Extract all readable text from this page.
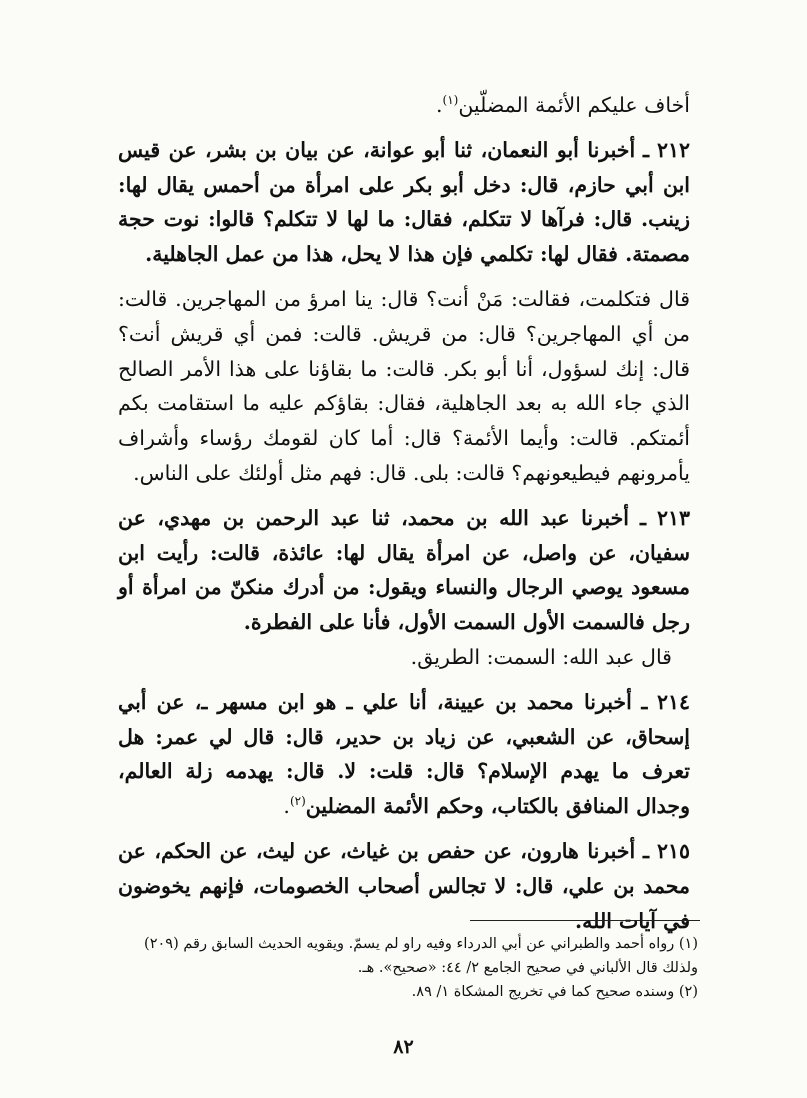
أخاف عليكم الأئمة المضلّين$^{(١)}$.

٢١٢ ـ أخبرنا أبو النعمان، ثنا أبو عوانة، عن بيان بن بشر، عن قيس ابن أبي حازم، قال: دخل أبو بكر على امرأة من أحمس يقال لها: زينب. قال: فرآها لا تتكلم، فقال: ما لها لا تتكلم؟ قالوا: نوت حجة مصمتة. فقال لها: تكلمي فإن هذا لا يحل، هذا من عمل الجاهلية.

قال فتكلمت، فقالت: مَنْ أنت؟ قال: ينا امرؤ من المهاجرين. قالت: من أي المهاجرين؟ قال: من قريش. قالت: فمن أي قريش أنت؟ قال: إنك لسؤول، أنا أبو بكر. قالت: ما بقاؤنا على هذا الأمر الصالح الذي جاء الله به بعد الجاهلية، فقال: بقاؤكم عليه ما استقامت بكم أئمتكم. قالت: وأيما الأئمة؟ قال: أما كان لقومك رؤساء وأشراف يأمرونهم فيطيعونهم؟ قالت: بلى. قال: فهم مثل أولئك على الناس.

٢١٣ ـ أخبرنا عبد الله بن محمد، ثنا عبد الرحمن بن مهدي، عن سفيان، عن واصل، عن امرأة يقال لها: عائذة، قالت: رأيت ابن مسعود يوصي الرجال والنساء ويقول: من أدرك منكنّ من امرأة أو رجل فالسمت الأول السمت الأول، فأنا على الفطرة.

قال عبد الله: السمت: الطريق.

٢١٤ ـ أخبرنا محمد بن عيينة، أنا علي ـ هو ابن مسهر ـ، عن أبي إسحاق، عن الشعبي، عن زياد بن حدير، قال: قال لي عمر: هل تعرف ما يهدم الإسلام؟ قال: قلت: لا. قال: يهدمه زلة العالم، وجدال المنافق بالكتاب، وحكم الأئمة المضلين$^{(٢)}$.

٢١٥ ـ أخبرنا هارون، عن حفص بن غياث، عن ليث، عن الحكم، عن محمد بن علي، قال: لا تجالس أصحاب الخصومات، فإنهم يخوضون في آيات الله.

(١) رواه أحمد والطبراني عن أبي الدرداء وفيه راو لم يسمّ. ويقويه الحديث السابق رقم (٢٠٩) ولذلك قال الألباني في صحيح الجامع ٢/ ٤٤: «صحيح». هـ.

(٢) وسنده صحيح كما في تخريج المشكاة ١/ ٨٩.

٨٢
